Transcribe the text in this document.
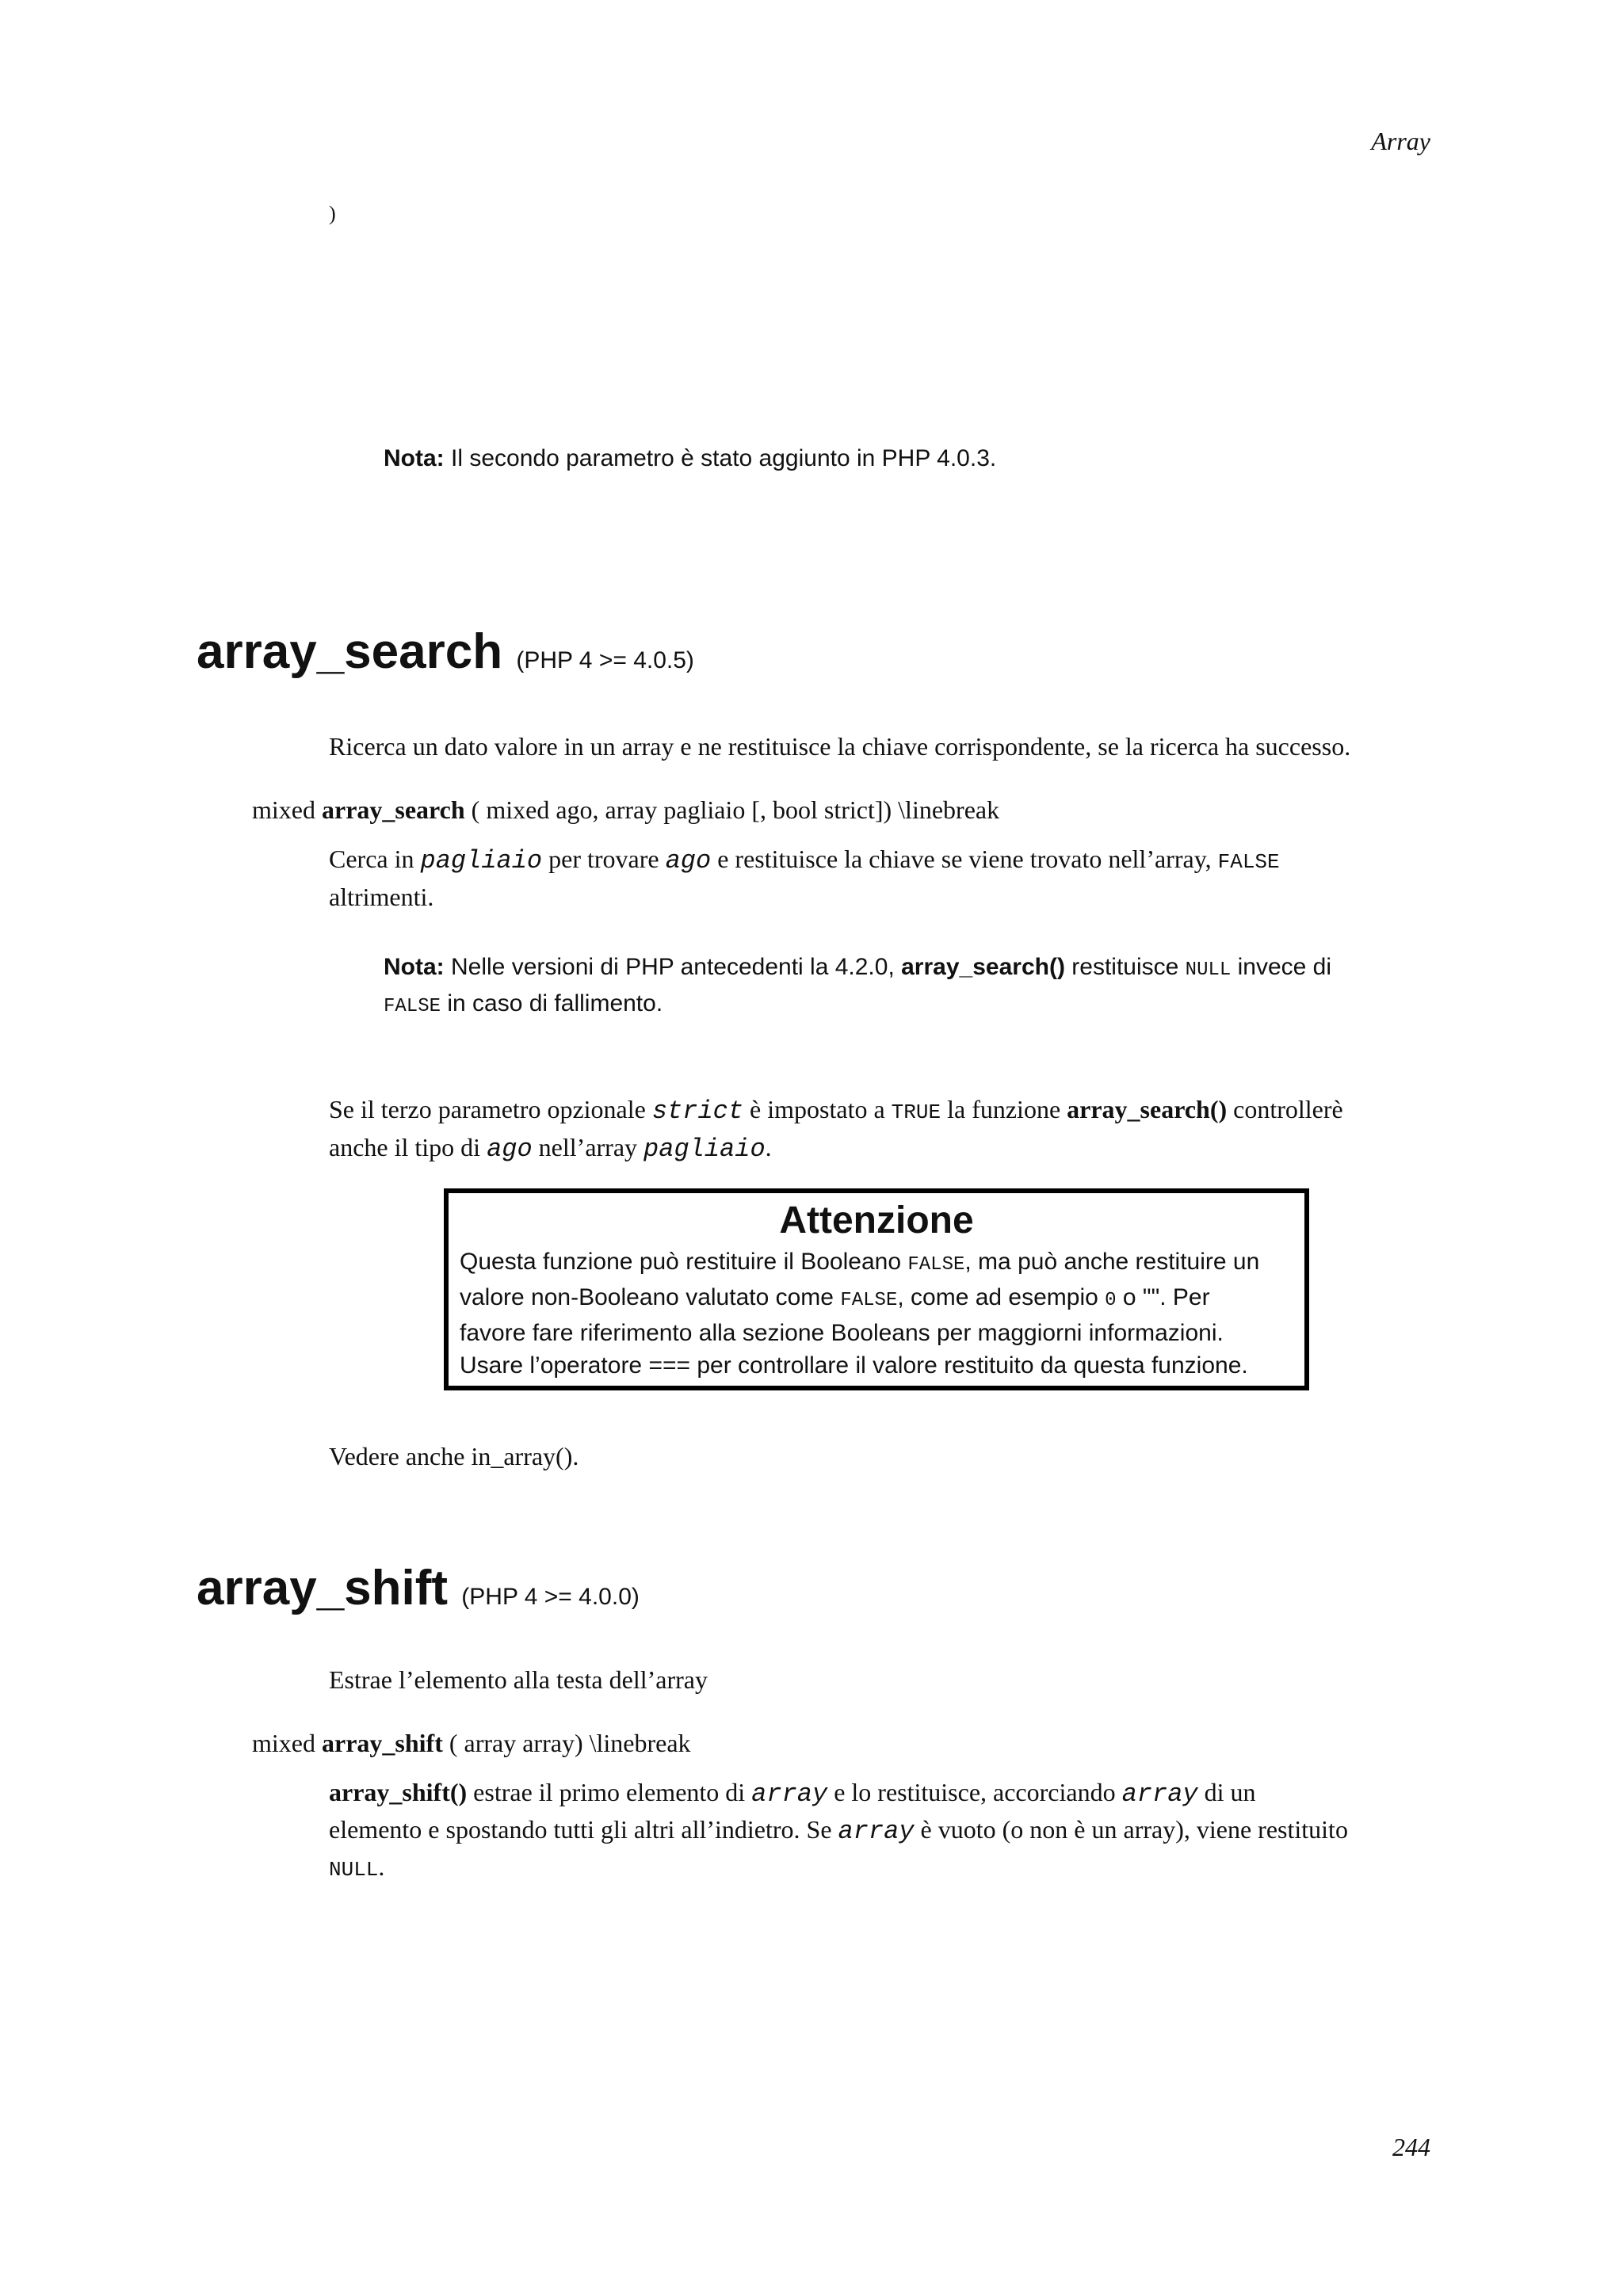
Array
)
Nota: Il secondo parametro è stato aggiunto in PHP 4.0.3.
array_search (PHP 4 >= 4.0.5)
Ricerca un dato valore in un array e ne restituisce la chiave corrispondente, se la ricerca ha successo.
mixed array_search ( mixed ago, array pagliaio [, bool strict]) \linebreak
Cerca in pagliaio per trovare ago e restituisce la chiave se viene trovato nell’array, FALSE
altrimenti.
Nota: Nelle versioni di PHP antecedenti la 4.2.0, array_search() restituisce NULL invece di
FALSE in caso di fallimento.
Se il terzo parametro opzionale strict è impostato a TRUE la funzione array_search() controllerè
anche il tipo di ago nell’array pagliaio.
Attenzione
Questa funzione può restituire il Booleano FALSE, ma può anche restituire un
valore non-Booleano valutato come FALSE, come ad esempio 0 o "". Per
favore fare riferimento alla sezione Booleans per maggiorni informazioni.
Usare l’operatore === per controllare il valore restituito da questa funzione.
Vedere anche in_array().
array_shift (PHP 4 >= 4.0.0)
Estrae l’elemento alla testa dell’array
mixed array_shift ( array array) \linebreak
array_shift() estrae il primo elemento di array e lo restituisce, accorciando array di un
elemento e spostando tutti gli altri all’indietro. Se array è vuoto (o non è un array), viene restituito
NULL.
244
